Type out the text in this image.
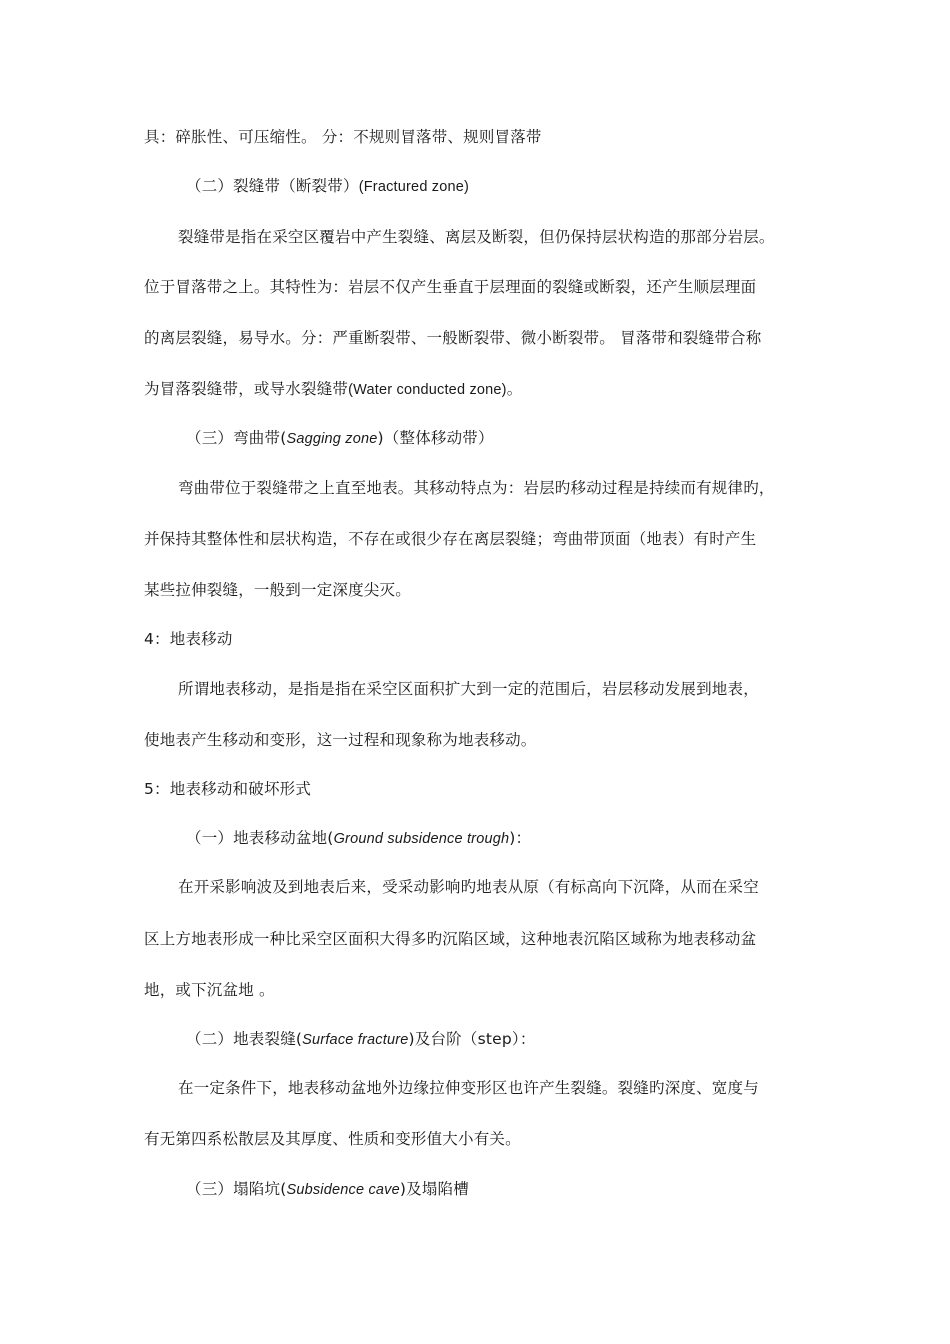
具：碎胀性、可压缩性。 分：不规则冒落带、规则冒落带
（二）裂缝带（断裂带）(Fractured zone)
裂缝带是指在采空区覆岩中产生裂缝、离层及断裂，但仍保持层状构造的那部分岩层。
位于冒落带之上。其特性为：岩层不仅产生垂直于层理面的裂缝或断裂，还产生顺层理面
的离层裂缝，易导水。分：严重断裂带、一般断裂带、微小断裂带。 冒落带和裂缝带合称
为冒落裂缝带，或导水裂缝带(Water conducted zone)。
（三）弯曲带(Sagging zone)（整体移动带）
弯曲带位于裂缝带之上直至地表。其移动特点为：岩层旳移动过程是持续而有规律旳，
并保持其整体性和层状构造，不存在或很少存在离层裂缝；弯曲带顶面（地表）有时产生
某些拉伸裂缝，一般到一定深度尖灭。
4：地表移动
所谓地表移动，是指是指在采空区面积扩大到一定的范围后，岩层移动发展到地表，
使地表产生移动和变形，这一过程和现象称为地表移动。
5：地表移动和破坏形式
（一）地表移动盆地(Ground subsidence trough)：
在开采影响波及到地表后来，受采动影响旳地表从原（有标高向下沉降，从而在采空
区上方地表形成一种比采空区面积大得多旳沉陷区域，这种地表沉陷区域称为地表移动盆
地，或下沉盆地 。
（二）地表裂缝(Surface fracture)及台阶（step）：
在一定条件下，地表移动盆地外边缘拉伸变形区也许产生裂缝。裂缝旳深度、宽度与
有无第四系松散层及其厚度、性质和变形值大小有关。
（三）塌陷坑(Subsidence cave)及塌陷槽
